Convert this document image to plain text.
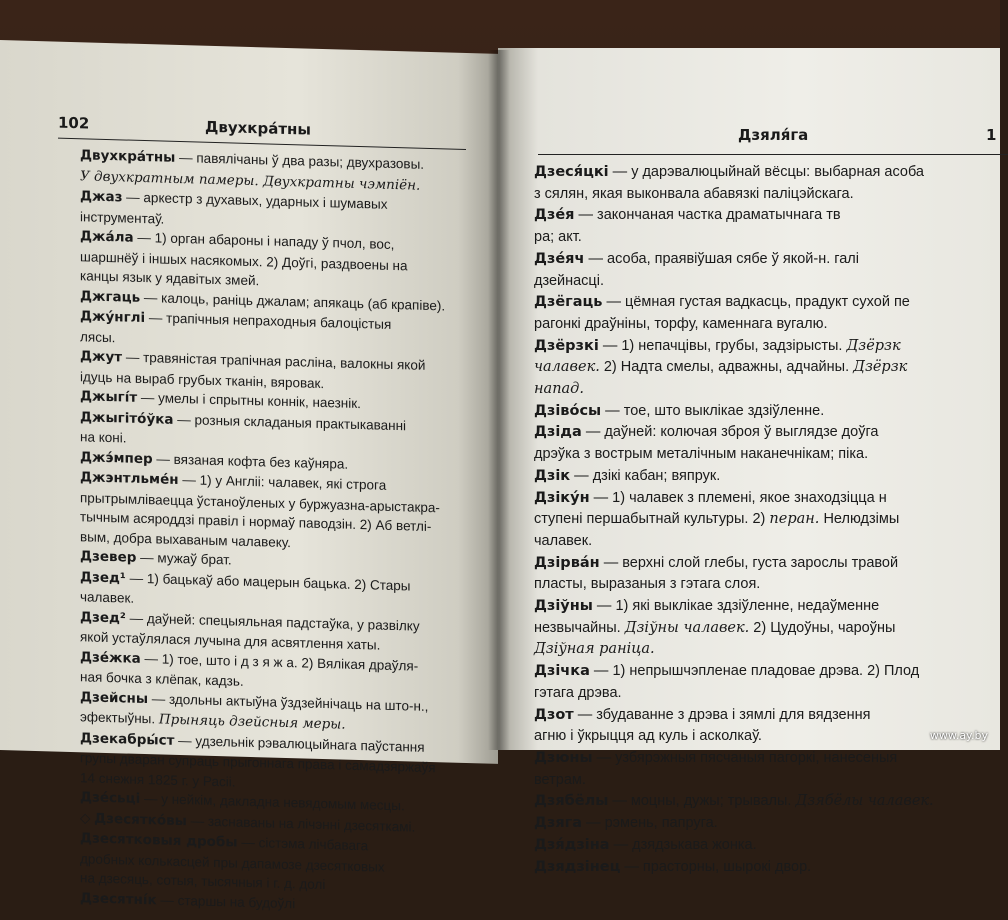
102	Двухкра́тны
Двухкра́тны — павялічаны ў два разы; двухразовы.
У двухкратным памеры. Двухкратны чэмпіён.
Джаз — аркестр з духавых, ударных і шумавых
інструментаў.
Джа́ла — 1) орган абароны і нападу ў пчол, вос,
шаршнёў і іншых насякомых. 2) Доўгі, раздвоены на
канцы язык у ядавітых змей.
Джгаць — калоць, раніць джалам; апякаць (аб крапіве).
Джу́нглі — трапічныя непраходныя балоцістыя
лясы.
Джут — травяністая трапічная расліна, валокны якой
ідуць на выраб грубых тканін, вяровак.
Джыгі́т — умелы і спрытны коннік, наезнік.
Джыгіто́ўка — розныя складаныя практыкаванні
на коні.
Джэ́мпер — вязаная кофта без каўняра.
Джэнтльме́н — 1) у Англіі: чалавек, які строга
прытрымліваецца ўстаноўленых у буржуазна-арыстакра-
тычным асяроддзі правіл і нормаў паводзін. 2) Аб ветлі-
вым, добра выхаваным чалавеку.
Дзевер — мужаў брат.
Дзед¹ — 1) бацькаў або мацерын бацька. 2) Стары
чалавек.
Дзед² — даўней: спецыяльная падстаўка, у развілку
якой устаўлялася лучына для асвятлення хаты.
Дзе́жка — 1) тое, што і д з я ж а. 2) Вялікая драўля-
ная бочка з клёпак, кадзь.
Дзейсны — здольны актыўна ўздзейнічаць на што-н.,
эфектыўны. Прыняць дзейсныя меры.
Дзекабры́ст — удзельнік рэвалюцыйнага паўстання
групы дваран супраць прыгоннага права і самадзяржаўя
14 снежня 1825 г. у Расіі.
Дзе́сьці — у нейкім, дакладна невядомым месцы.
◇ Дзесятко́вы — заснаваны на лічэнні дзесяткамі.
Дзесятковыя дробы — сістэма лічбавага
дробных колькасцей пры дапамозе дзесятковых
на дзесяць, сотыя, тысячныя і г. д. долі
Дзесятні́к — старшы на будоўлі
Дзяля́га	1
Дзеся́цкі — у дарэвалюцыйнай вёсцы: выбарная асоба
з сялян, якая выконвала абавязкі паліцэйскага.
Дзе́я — закончаная частка драматычнага тв
ра; акт.
Дзе́яч — асоба, праявіўшая сябе ў якой-н. галі
дзейнасці.
Дзёгаць — цёмная густая вадкасць, прадукт сухой пе
рагонкі драўніны, торфу, каменнага вугалю.
Дзёрзкі — 1) непачцівы, грубы, задзірысты. Дзёрзк
чалавек. 2) Надта смелы, адважны, адчайны. Дзёрзк
напад.
Дзіво́сы — тое, што выклікае здзіўленне.
Дзіда — даўней: колючая зброя ў выглядзе доўга
дрэўка з вострым металічным наканечнікам; піка.
Дзік — дзікі кабан; вяпрук.
Дзіку́н — 1) чалавек з племені, якое знаходзіцца н
ступені першабытнай культуры. 2) перан. Нелюдзімы
чалавек.
Дзірва́н — верхні слой глебы, густа зарослы травой
пласты, выразаныя з гэтага слоя.
Дзіўны — 1) які выклікае здзіўленне, недаўменне
незвычайны. Дзіўны чалавек. 2) Цудоўны, чароўны
Дзіўная раніца.
Дзічка — 1) непрышчэпленае пладовае дрэва. 2) Плод
гэтага дрэва.
Дзот — збудаванне з дрэва і зямлі для вядзення
агню і ўкрыцця ад куль і асколкаў.
Дзюны — узбярэжныя пясчаныя пагоркі, нанесеныя
ветрам.
Дзябёлы — моцны, дужы; трывалы. Дзябёлы чалавек.
Дзяга — рэмень, папруга.
Дзя́дзіна — дзядзькава жонка.
Дзядзінец — прасторны, шырокі двор.
www.ay.by
